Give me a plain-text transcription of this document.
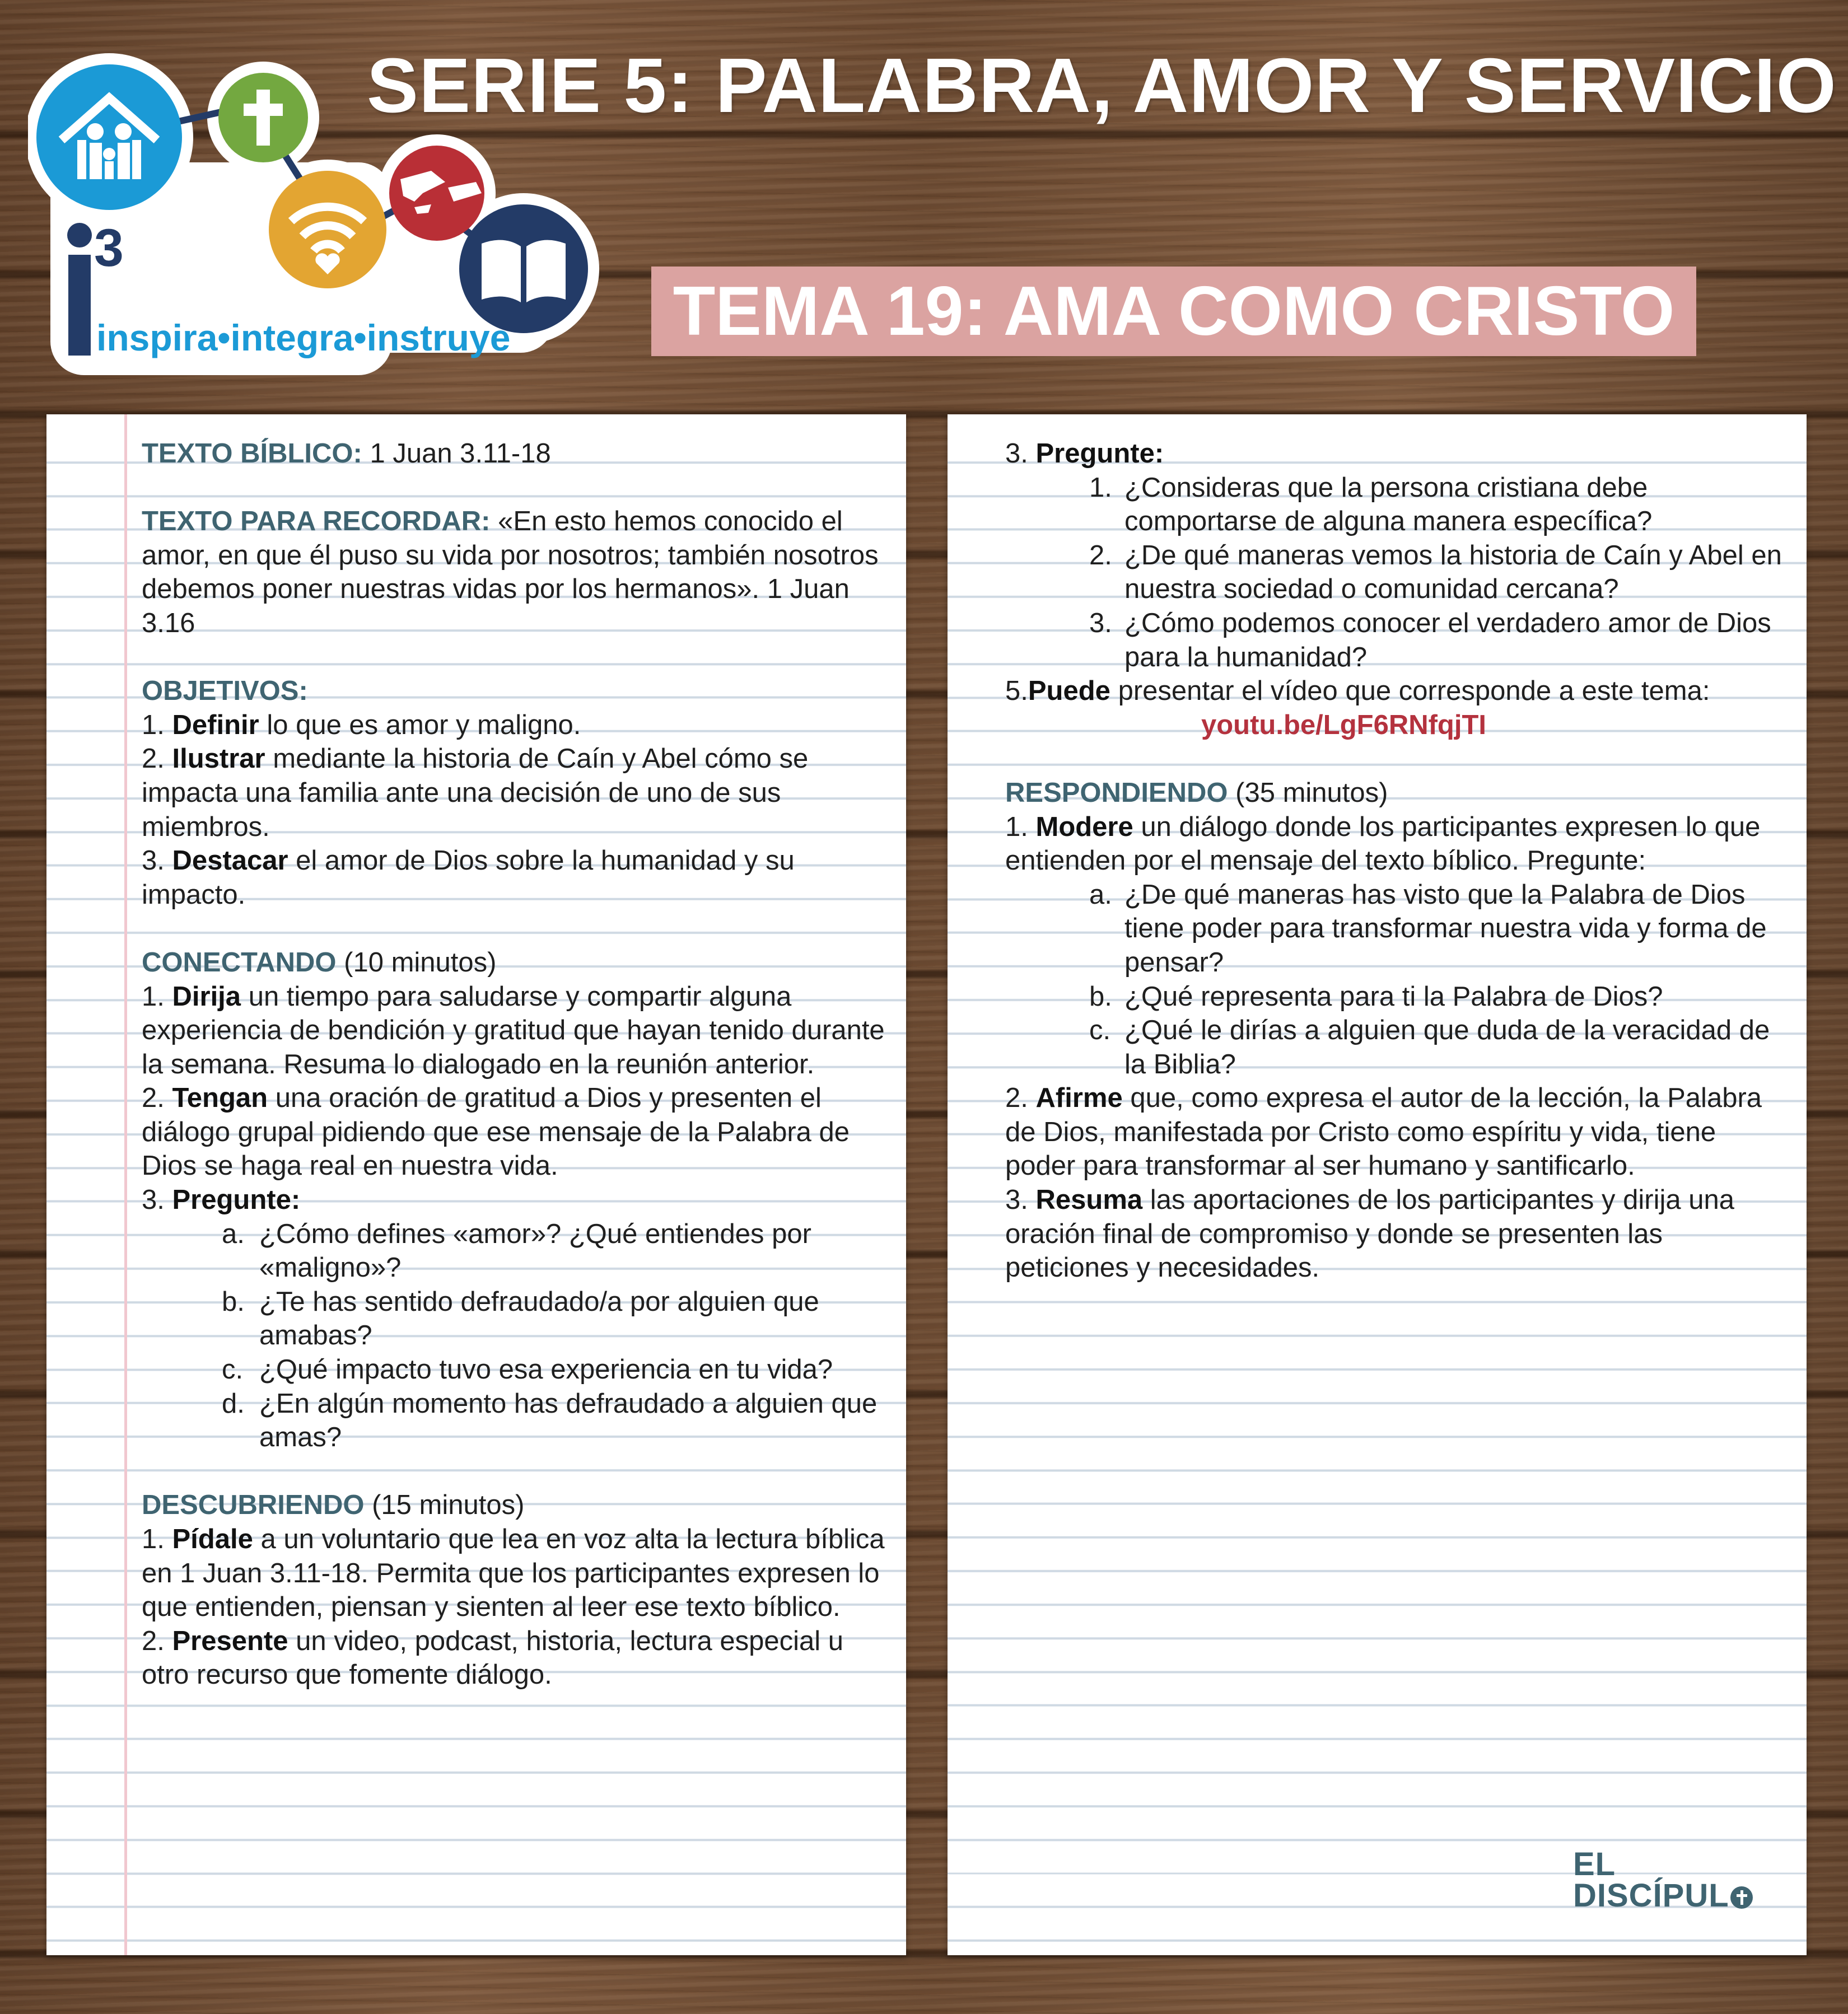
3
inspira•integra•instruye
SERIE 5: PALABRA, AMOR Y SERVICIO
TEMA 19: AMA COMO CRISTO

TEXTO BÍBLICO: 1 Juan 3.11-18

TEXTO PARA RECORDAR: «En esto hemos conocido el amor, en que él puso su vida por nosotros; también nosotros debemos poner nuestras vidas por los hermanos». 1 Juan 3.16

OBJETIVOS:

1. Definir lo que es amor y maligno.

2. Ilustrar mediante la historia de Caín y Abel cómo se impacta una familia ante una decisión de uno de sus miembros.

3. Destacar el amor de Dios sobre la humanidad y su impacto.

CONECTANDO (10 minutos)

1. Dirija un tiempo para saludarse y compartir alguna experiencia de bendición y gratitud que hayan tenido durante la semana. Resuma lo dialogado en la reunión anterior.

2. Tengan una oración de gratitud a Dios y presenten el diálogo grupal pidiendo que ese mensaje de la Palabra de Dios se haga real en nuestra vida.

3. Pregunte:

a. ¿Cómo defines «amor»? ¿Qué entiendes por «maligno»?
b. ¿Te has sentido defraudado/a por alguien que amabas?
c. ¿Qué impacto tuvo esa experiencia en tu vida?
d. ¿En algún momento has defraudado a alguien que amas?

DESCUBRIENDO (15 minutos)

1. Pídale a un voluntario que lea en voz alta la lectura bíblica en 1 Juan 3.11-18. Permita que los participantes expresen lo que entienden, piensan y sienten al leer ese texto bíblico.

2. Presente un video, podcast, historia, lectura especial u otro recurso que fomente diálogo.

3. Pregunte:

1. ¿Consideras que la persona cristiana debe comportarse de alguna manera específica?
2. ¿De qué maneras vemos la historia de Caín y Abel en nuestra sociedad o comunidad cercana?
3. ¿Cómo podemos conocer el verdadero amor de Dios para la humanidad?

5.Puede presentar el vídeo que corresponde a este tema:

youtu.be/LgF6RNfqjTI

RESPONDIENDO (35 minutos)

1. Modere un diálogo donde los participantes expresen lo que entienden por el mensaje del texto bíblico. Pregunte:

a. ¿De qué maneras has visto que la Palabra de Dios tiene poder para transformar nuestra vida y forma de pensar?
b. ¿Qué representa para ti la Palabra de Dios?
c. ¿Qué le dirías a alguien que duda de la veracidad de la Biblia?

2. Afirme que, como expresa el autor de la lección, la Palabra de Dios, manifestada por Cristo como espíritu y vida, tiene poder para transformar al ser humano y santificarlo.

3. Resuma las aportaciones de los participantes y dirija una oración final de compromiso y donde se presenten las peticiones y necesidades.

EL
DISCÍPUL
